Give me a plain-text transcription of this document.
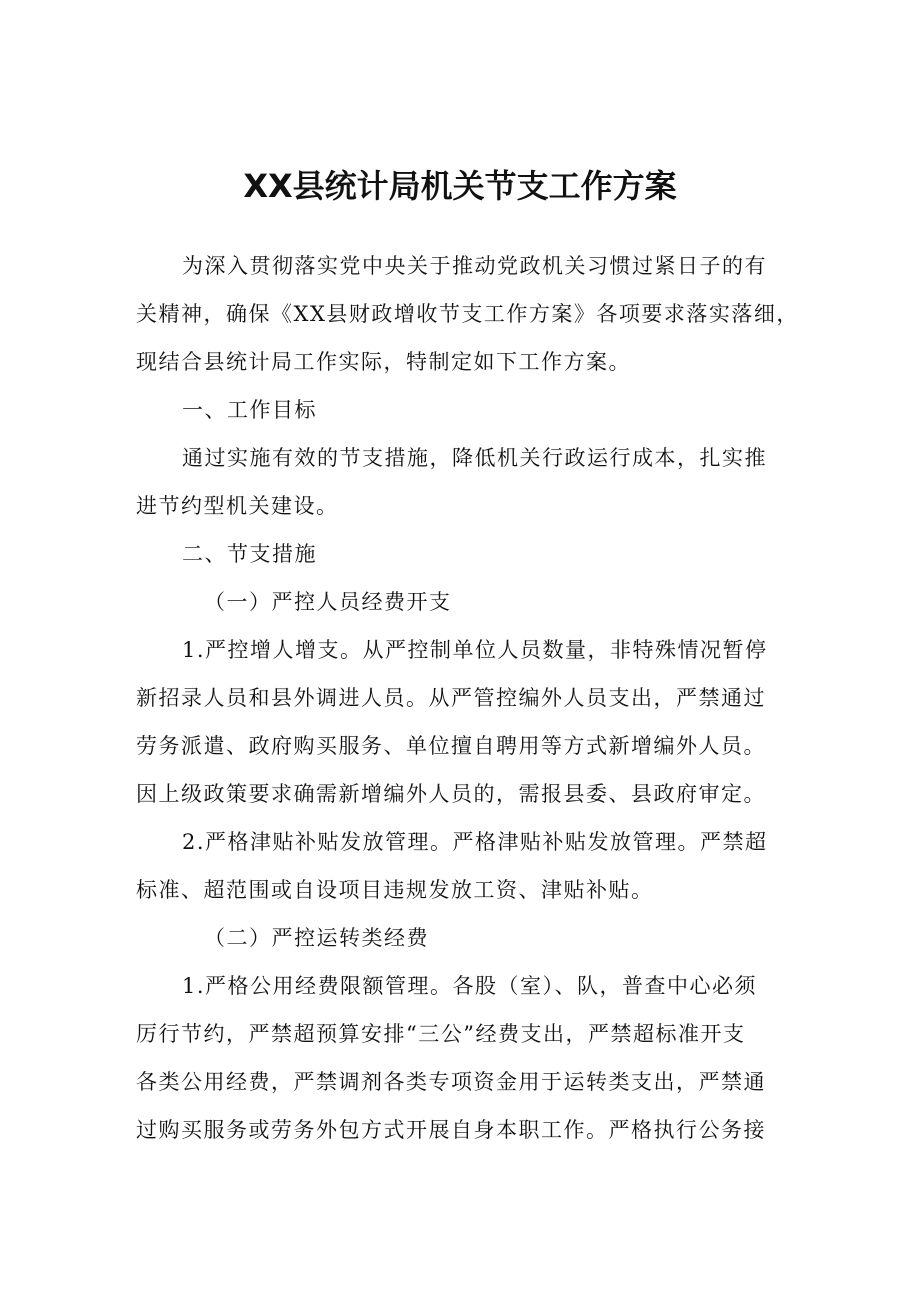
XX县统计局机关节支工作方案
为深入贯彻落实党中央关于推动党政机关习惯过紧日子的有
关精神，确保《XX县财政增收节支工作方案》各项要求落实落细，
现结合县统计局工作实际，特制定如下工作方案。
一、工作目标
通过实施有效的节支措施，降低机关行政运行成本，扎实推
进节约型机关建设。
二、节支措施
（一）严控人员经费开支
1.严控增人增支。从严控制单位人员数量，非特殊情况暂停
新招录人员和县外调进人员。从严管控编外人员支出，严禁通过
劳务派遣、政府购买服务、单位擅自聘用等方式新增编外人员。
因上级政策要求确需新增编外人员的，需报县委、县政府审定。
2.严格津贴补贴发放管理。严格津贴补贴发放管理。严禁超
标准、超范围或自设项目违规发放工资、津贴补贴。
（二）严控运转类经费
1.严格公用经费限额管理。各股（室）、队，普查中心必须
厉行节约，严禁超预算安排“三公”经费支出，严禁超标准开支
各类公用经费，严禁调剂各类专项资金用于运转类支出，严禁通
过购买服务或劳务外包方式开展自身本职工作。严格执行公务接
